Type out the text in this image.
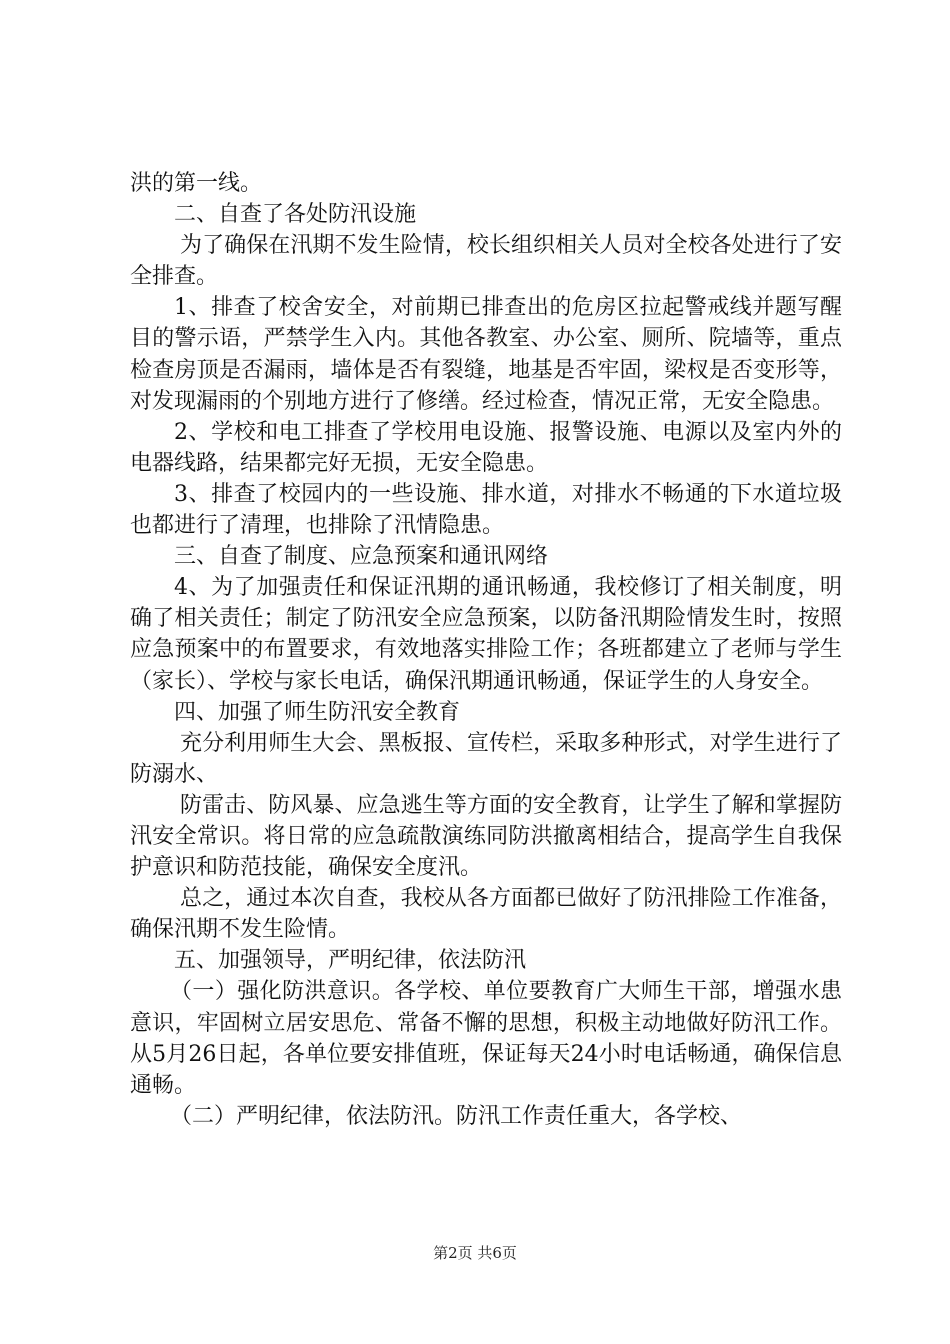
洪的第一线。

二、自查了各处防汛设施

为了确保在汛期不发生险情，校长组织相关人员对全校各处进行了安全排查。

1、排查了校舍安全，对前期已排查出的危房区拉起警戒线并题写醒目的警示语，严禁学生入内。其他各教室、办公室、厕所、院墙等，重点检查房顶是否漏雨，墙体是否有裂缝，地基是否牢固，梁杈是否变形等，对发现漏雨的个别地方进行了修缮。经过检查，情况正常，无安全隐患。

2、学校和电工排查了学校用电设施、报警设施、电源以及室内外的电器线路，结果都完好无损，无安全隐患。

3、排查了校园内的一些设施、排水道，对排水不畅通的下水道垃圾也都进行了清理，也排除了汛情隐患。

三、自查了制度、应急预案和通讯网络

4、为了加强责任和保证汛期的通讯畅通，我校修订了相关制度，明确了相关责任；制定了防汛安全应急预案，以防备汛期险情发生时，按照应急预案中的布置要求，有效地落实排险工作；各班都建立了老师与学生（家长）、学校与家长电话，确保汛期通讯畅通，保证学生的人身安全。

四、加强了师生防汛安全教育

充分利用师生大会、黑板报、宣传栏，采取多种形式，对学生进行了防溺水、

防雷击、防风暴、应急逃生等方面的安全教育，让学生了解和掌握防汛安全常识。将日常的应急疏散演练同防洪撤离相结合，提高学生自我保护意识和防范技能，确保安全度汛。

总之，通过本次自查，我校从各方面都已做好了防汛排险工作准备，确保汛期不发生险情。

五、加强领导，严明纪律，依法防汛

（一）强化防洪意识。各学校、单位要教育广大师生干部，增强水患意识，牢固树立居安思危、常备不懈的思想，积极主动地做好防汛工作。从5月26日起，各单位要安排值班，保证每天24小时电话畅通，确保信息通畅。

（二）严明纪律，依法防汛。防汛工作责任重大，各学校、

第2页 共6页
